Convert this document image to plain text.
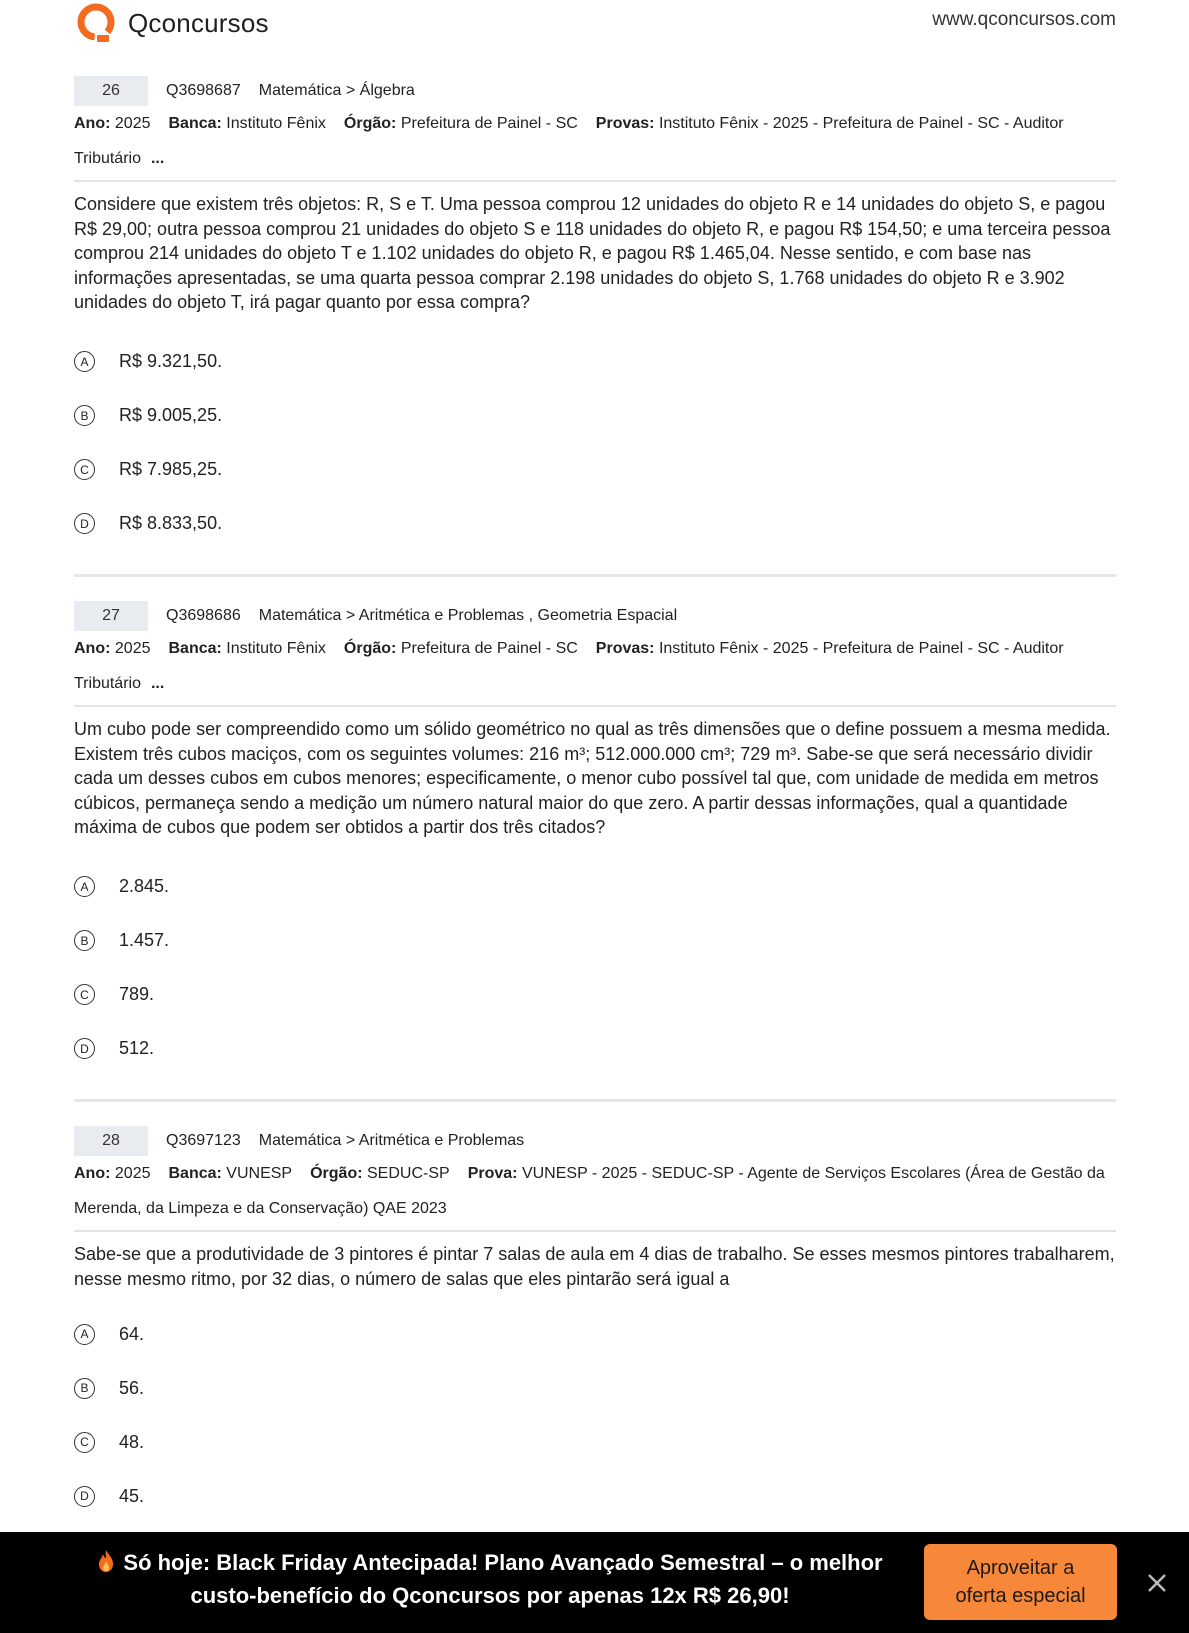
Qconcursos	www.qconcursos.com
26	Q3698687 Matemática > Álgebra
Ano: 2025 Banca: Instituto Fênix Órgão: Prefeitura de Painel - SC Provas: Instituto Fênix - 2025 - Prefeitura de Painel - SC - Auditor Tributário ...
Considere que existem três objetos: R, S e T. Uma pessoa comprou 12 unidades do objeto R e 14 unidades do objeto S, e pagou R$ 29,00; outra pessoa comprou 21 unidades do objeto S e 118 unidades do objeto R, e pagou R$ 154,50; e uma terceira pessoa comprou 214 unidades do objeto T e 1.102 unidades do objeto R, e pagou R$ 1.465,04. Nesse sentido, e com base nas informações apresentadas, se uma quarta pessoa comprar 2.198 unidades do objeto S, 1.768 unidades do objeto R e 3.902 unidades do objeto T, irá pagar quanto por essa compra?
A	R$ 9.321,50.
B	R$ 9.005,25.
C	R$ 7.985,25.
D	R$ 8.833,50.
27	Q3698686 Matemática > Aritmética e Problemas , Geometria Espacial
Ano: 2025 Banca: Instituto Fênix Órgão: Prefeitura de Painel - SC Provas: Instituto Fênix - 2025 - Prefeitura de Painel - SC - Auditor Tributário ...
Um cubo pode ser compreendido como um sólido geométrico no qual as três dimensões que o define possuem a mesma medida. Existem três cubos maciços, com os seguintes volumes: 216 m³; 512.000.000 cm³; 729 m³. Sabe-se que será necessário dividir cada um desses cubos em cubos menores; especificamente, o menor cubo possível tal que, com unidade de medida em metros cúbicos, permaneça sendo a medição um número natural maior do que zero. A partir dessas informações, qual a quantidade máxima de cubos que podem ser obtidos a partir dos três citados?
A	2.845.
B	1.457.
C	789.
D	512.
28	Q3697123 Matemática > Aritmética e Problemas
Ano: 2025 Banca: VUNESP Órgão: SEDUC-SP Prova: VUNESP - 2025 - SEDUC-SP - Agente de Serviços Escolares (Área de Gestão da Merenda, da Limpeza e da Conservação) QAE 2023
Sabe-se que a produtividade de 3 pintores é pintar 7 salas de aula em 4 dias de trabalho. Se esses mesmos pintores trabalharem, nesse mesmo ritmo, por 32 dias, o número de salas que eles pintarão será igual a
A	64.
B	56.
C	48.
D	45.
Só hoje: Black Friday Antecipada! Plano Avançado Semestral – o melhor
custo-benefício do Qconcursos por apenas 12x R$ 26,90!
Aproveitar a
oferta especial
